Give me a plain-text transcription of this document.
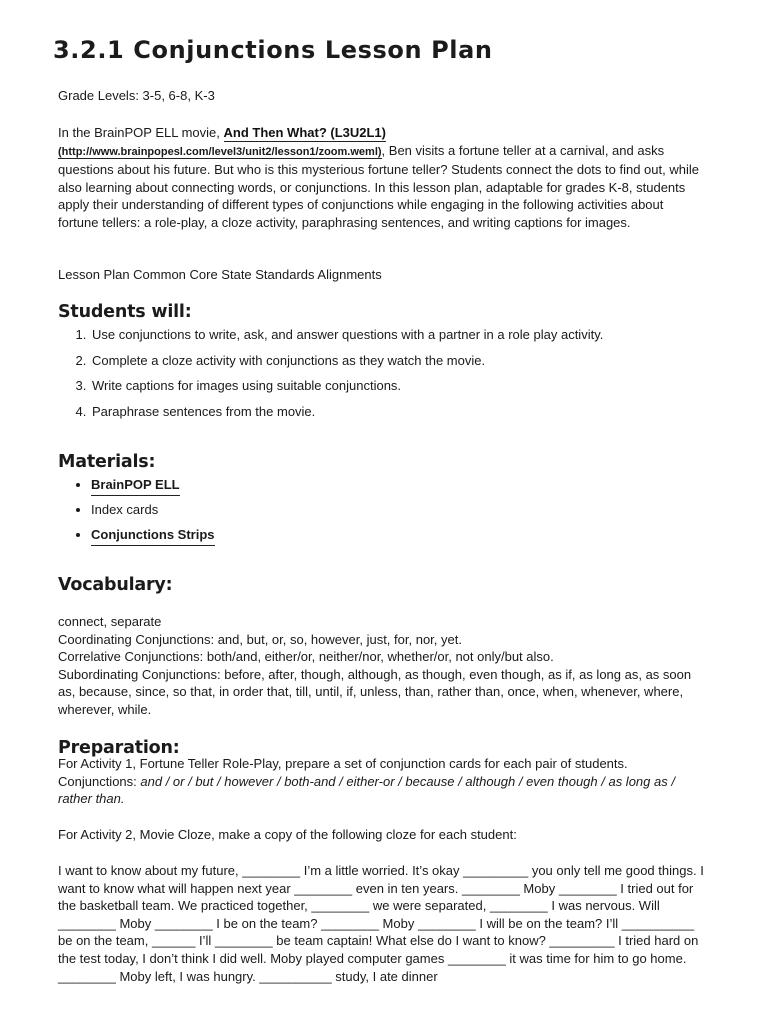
3.2.1 Conjunctions Lesson Plan

Grade Levels: 3-5, 6-8, K-3

In the BrainPOP ELL movie, And Then What? (L3U2L1)
(http://www.brainpopesl.com/level3/unit2/lesson1/zoom.weml), Ben visits a fortune teller at a carnival, and asks questions about his future. But who is this mysterious fortune teller? Students connect the dots to find out, while also learning about connecting words, or conjunctions. In this lesson plan, adaptable for grades K-8, students apply their understanding of different types of conjunctions while engaging in the following activities about fortune tellers: a role-play, a cloze activity, paraphrasing sentences, and writing captions for images.

Lesson Plan Common Core State Standards Alignments

Students will:
1. Use conjunctions to write, ask, and answer questions with a partner in a role play activity.
2. Complete a cloze activity with conjunctions as they watch the movie.
3. Write captions for images using suitable conjunctions.
4. Paraphrase sentences from the movie.
Materials:
• BrainPOP ELL
• Index cards
• Conjunctions Strips
Vocabulary:
connect, separate
Coordinating Conjunctions: and, but, or, so, however, just, for, nor, yet.
Correlative Conjunctions: both/and, either/or, neither/nor, whether/or, not only/but also.
Subordinating Conjunctions: before, after, though, although, as though, even though, as if, as long as, as soon as, because, since, so that, in order that, till, until, if, unless, than, rather than, once, when, whenever, where, wherever, while.
Preparation:

For Activity 1, Fortune Teller Role-Play, prepare a set of conjunction cards for each pair of students. Conjunctions: and / or / but / however / both-and / either-or / because / although / even though / as long as / rather than.

For Activity 2, Movie Cloze, make a copy of the following cloze for each student:

I want to know about my future, ________ I’m a little worried. It’s okay _________ you only tell me good things. I want to know what will happen next year ________ even in ten years. ________ Moby ________ I tried out for the basketball team. We practiced together, ________ we were separated, ________ I was nervous. Will ________ Moby ________ I be on the team? ________ Moby ________ I will be on the team? I’ll __________ be on the team, ______ I’ll ________ be team captain! What else do I want to know? _________ I tried hard on the test today, I don’t think I did well. Moby played computer games ________ it was time for him to go home. ________ Moby left, I was hungry. __________ study, I ate dinner
